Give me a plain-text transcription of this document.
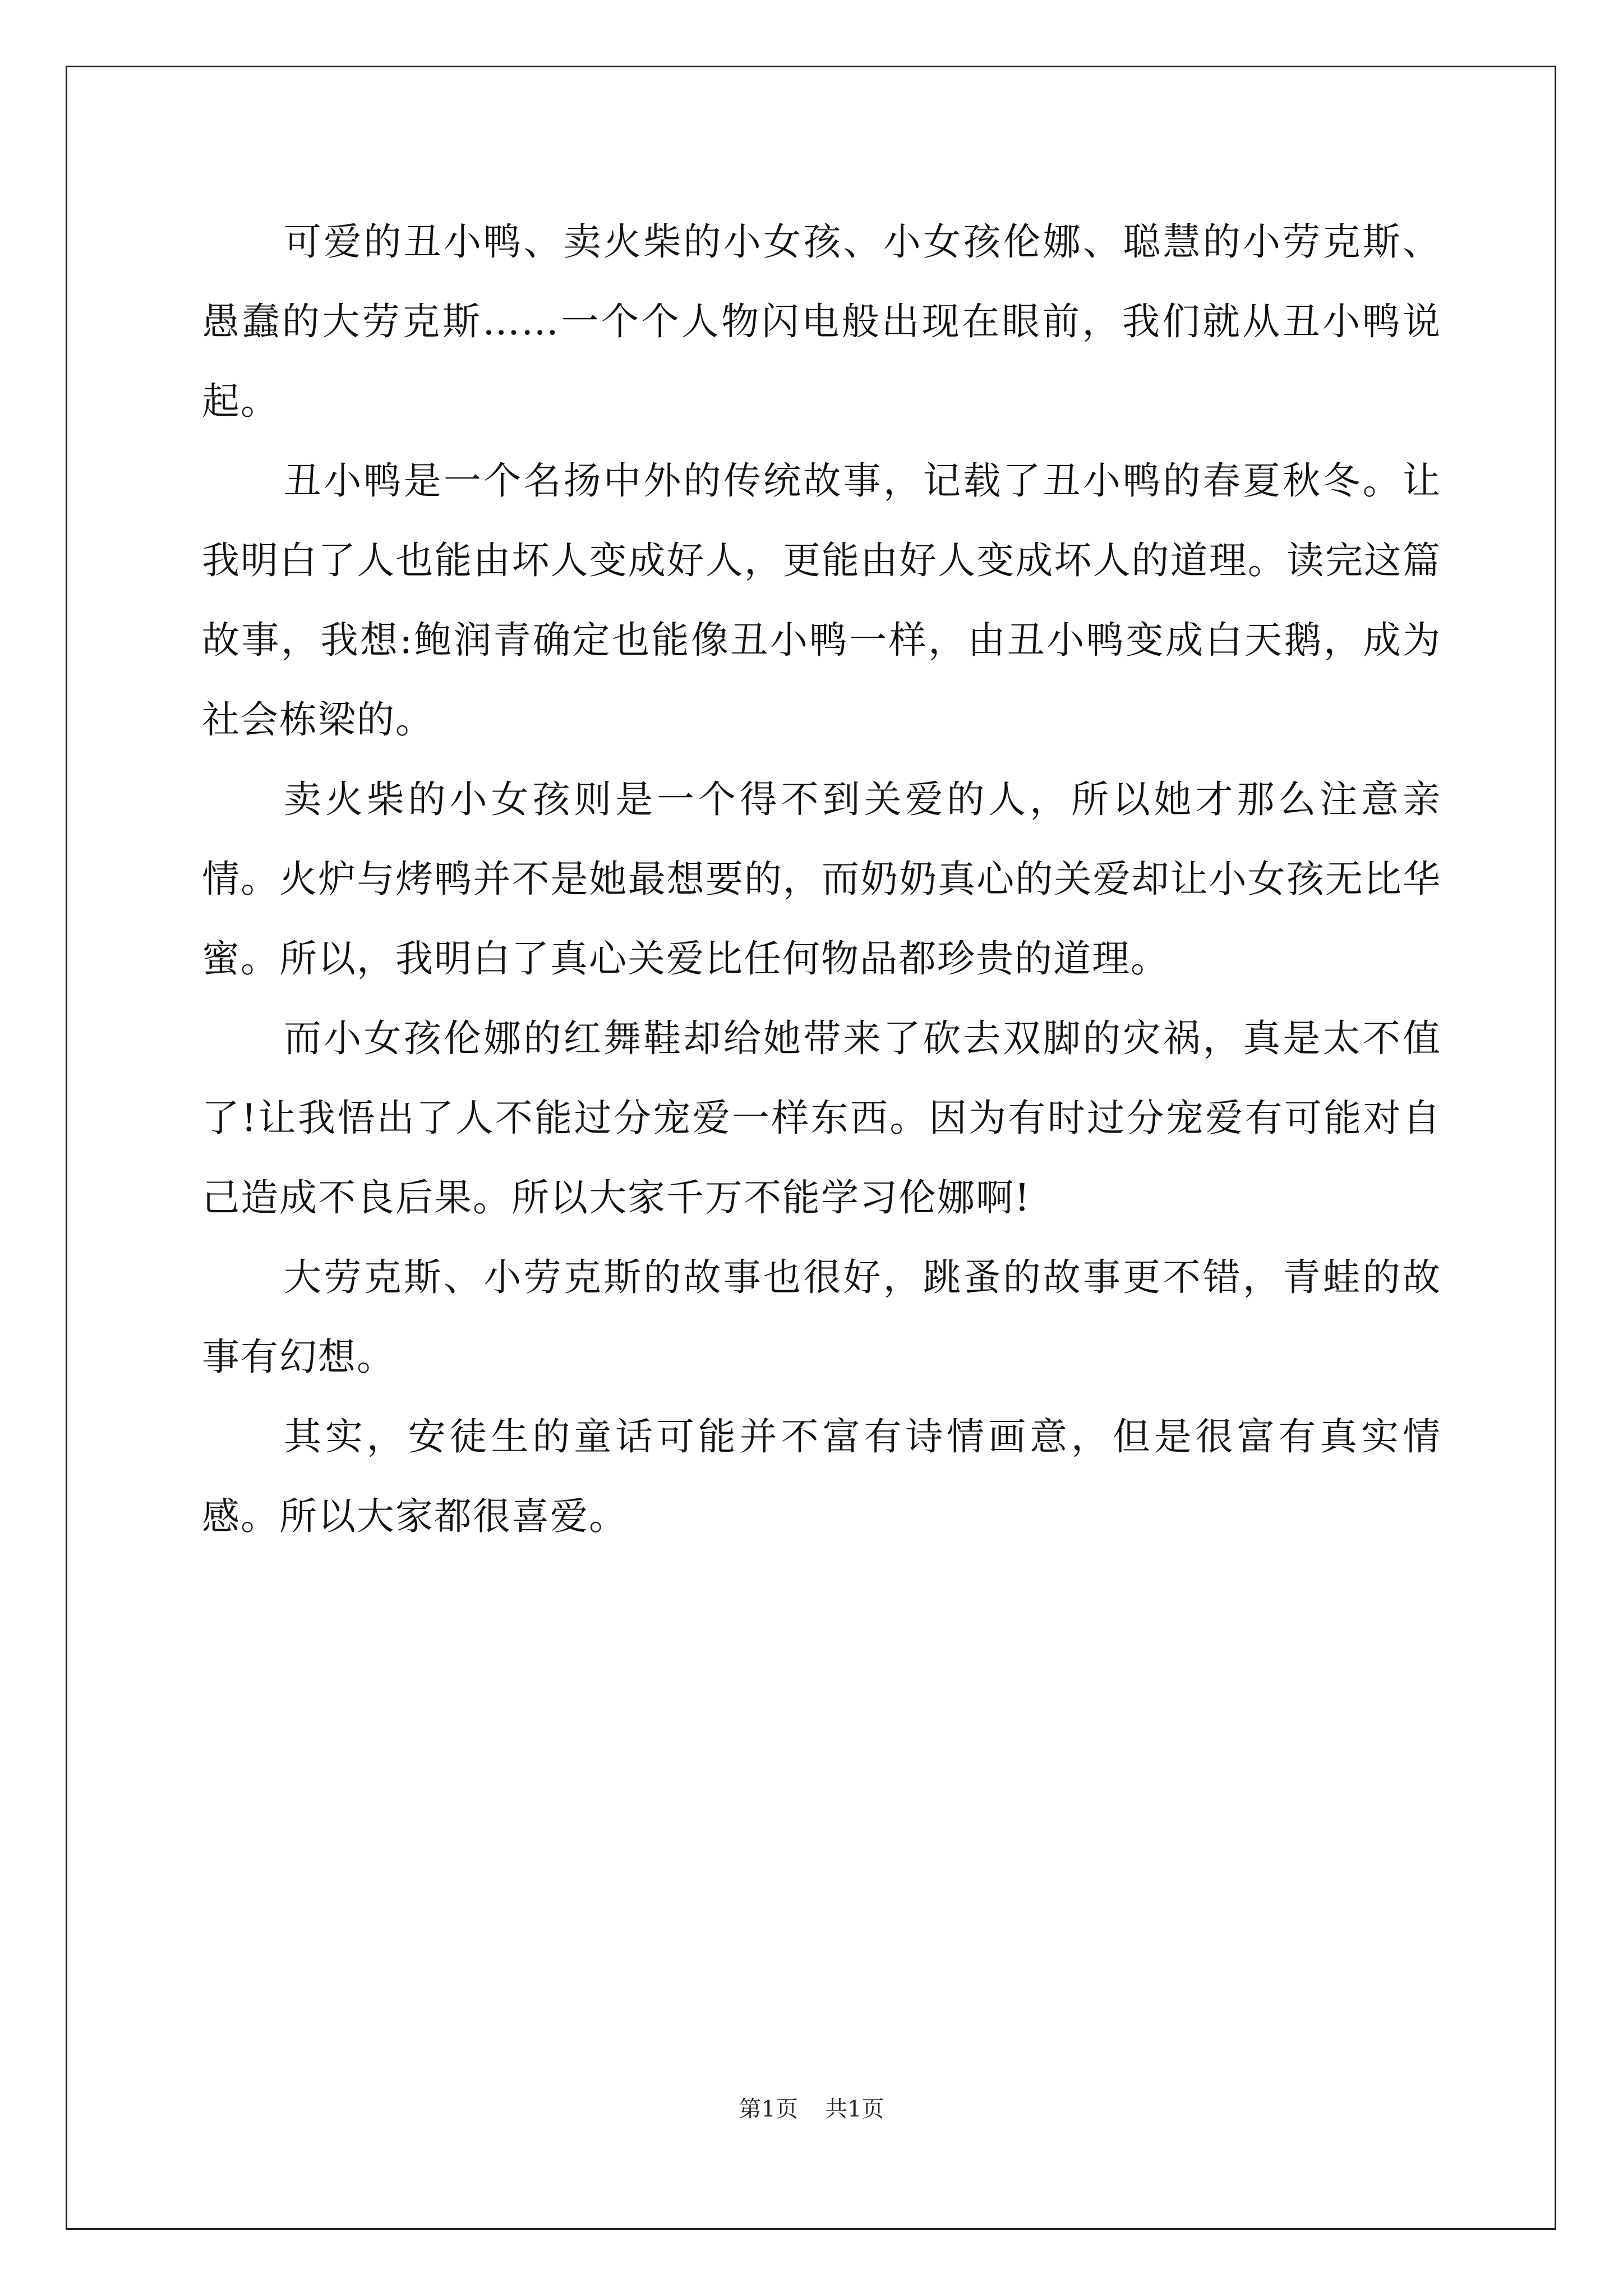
可爱的丑小鸭、卖火柴的小女孩、小女孩伦娜、聪慧的小劳克斯、愚蠢的大劳克斯……一个个人物闪电般出现在眼前，我们就从丑小鸭说起。

丑小鸭是一个名扬中外的传统故事，记载了丑小鸭的春夏秋冬。让我明白了人也能由坏人变成好人，更能由好人变成坏人的道理。读完这篇故事，我想:鲍润青确定也能像丑小鸭一样，由丑小鸭变成白天鹅，成为社会栋梁的。

卖火柴的小女孩则是一个得不到关爱的人，所以她才那么注意亲情。火炉与烤鸭并不是她最想要的，而奶奶真心的关爱却让小女孩无比华蜜。所以，我明白了真心关爱比任何物品都珍贵的道理。

而小女孩伦娜的红舞鞋却给她带来了砍去双脚的灾祸，真是太不值了!让我悟出了人不能过分宠爱一样东西。因为有时过分宠爱有可能对自己造成不良后果。所以大家千万不能学习伦娜啊!

大劳克斯、小劳克斯的故事也很好，跳蚤的故事更不错，青蛙的故事有幻想。

其实，安徒生的童话可能并不富有诗情画意，但是很富有真实情感。所以大家都很喜爱。

第1页 共1页
